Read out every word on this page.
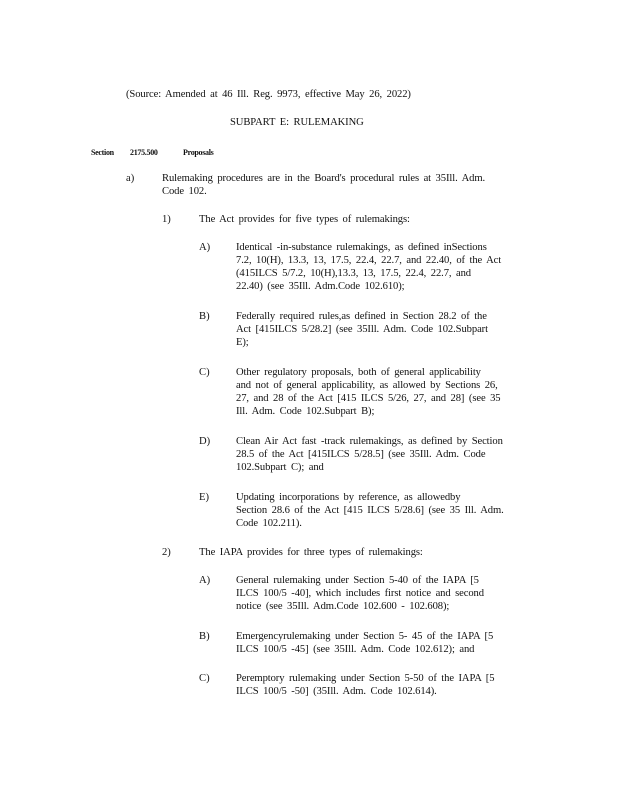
(Source: Amended at 46 Ill. Reg. 9973, effective May 26, 2022)
SUBPART E: RULEMAKING
Section 2175.500	Proposals
a)	Rulemaking procedures are in the Board's procedural rules at 35Ill. Adm.
Code 102.
1)	The Act provides for five types of rulemakings:
A) Identical -in-substance rulemakings, as defined inSections
7.2, 10(H), 13.3, 13, 17.5, 22.4, 22.7, and 22.40, of the Act
(415ILCS 5/7.2, 10(H),13.3, 13, 17.5, 22.4, 22.7, and
22.40) (see 35Ill. Adm.Code 102.610);
B) Federally required rules,as defined in Section 28.2 of the
Act [415ILCS 5/28.2] (see 35Ill. Adm. Code 102.Subpart
E);
C) Other regulatory proposals, both of general applicability
and not of general applicability, as allowed by Sections 26,
27, and 28 of the Act [415 ILCS 5/26, 27, and 28] (see 35
Ill. Adm. Code 102.Subpart B);
D) Clean Air Act fast -track rulemakings, as defined by Section
28.5 of the Act [415ILCS 5/28.5] (see 35Ill. Adm. Code
102.Subpart C); and
E)	Updating incorporations by reference, as allowedby
Section 28.6 of the Act [415 ILCS 5/28.6] (see 35 Ill. Adm.
Code 102.211).
2)	The IAPA provides for three types of rulemakings:
A) General rulemaking under Section 5-40 of the IAPA [5
ILCS 100/5 -40], which includes first notice and second
notice (see 35Ill. Adm.Code 102.600 - 102.608);
B) Emergencyrulemaking under Section 5- 45 of the IAPA [5
ILCS 100/5 -45] (see 35Ill. Adm. Code 102.612); and
C) Peremptory rulemaking under Section 5-50 of the IAPA [5
ILCS 100/5 -50] (35Ill. Adm. Code 102.614).
